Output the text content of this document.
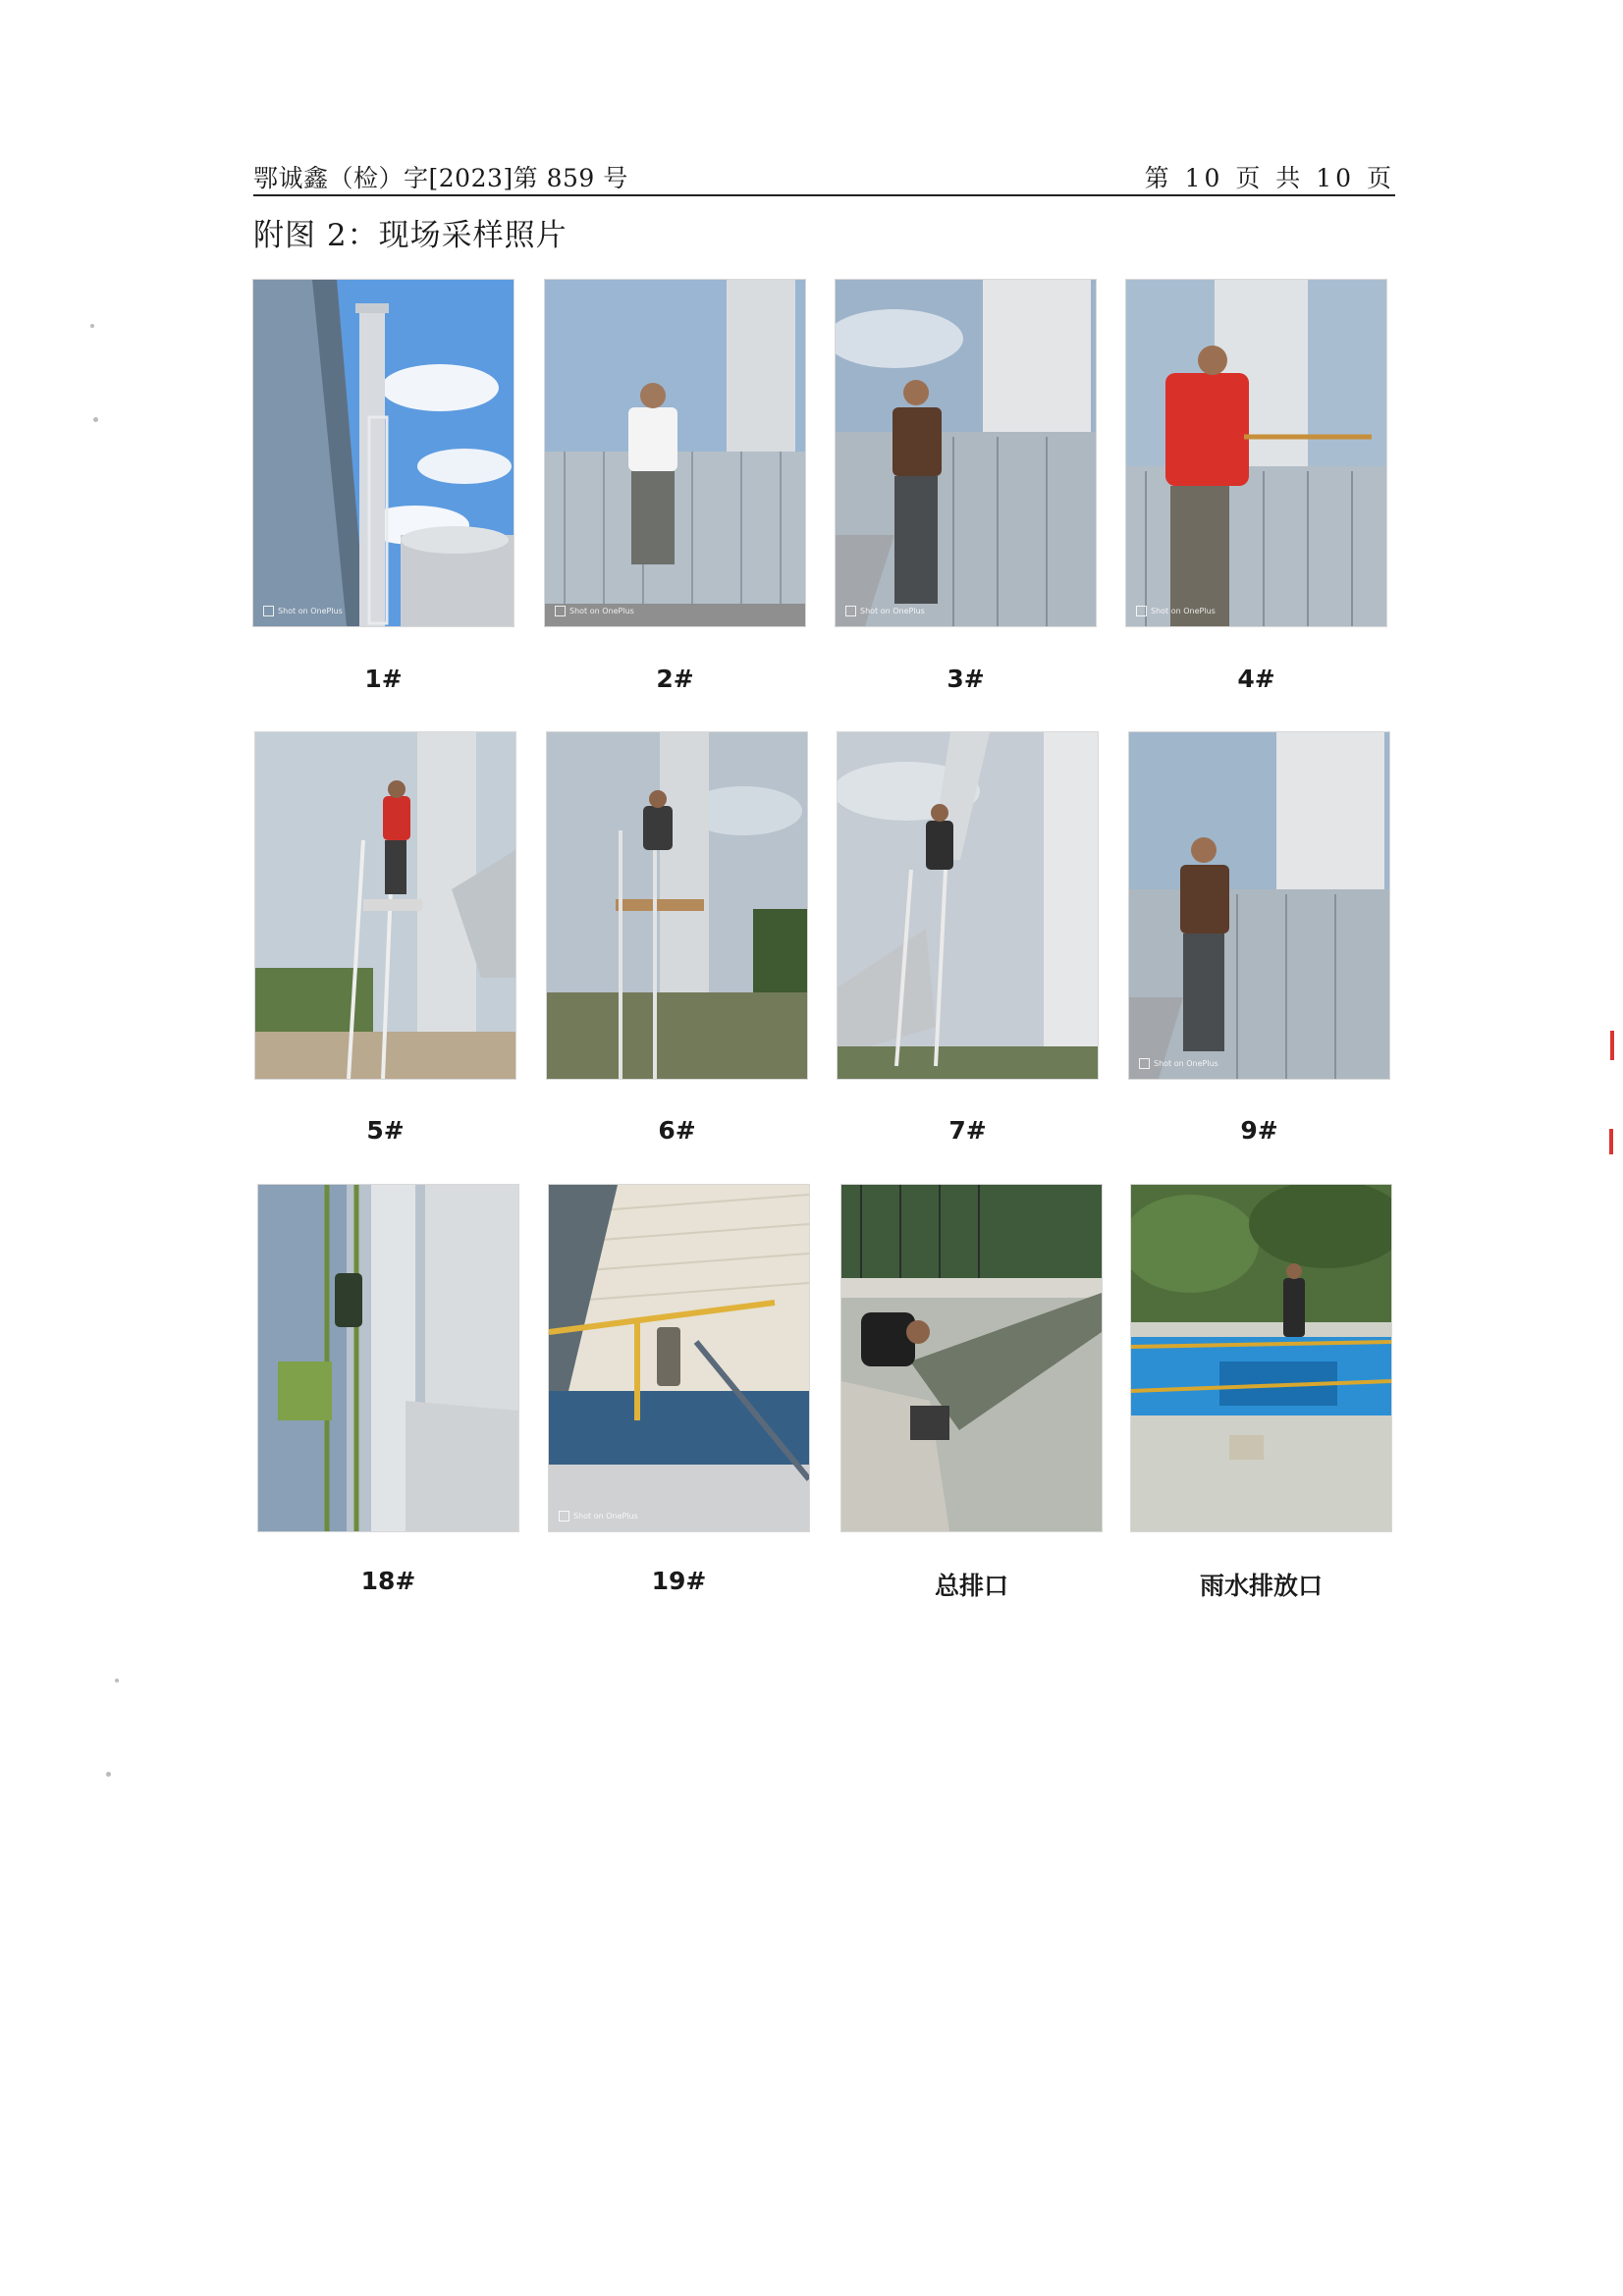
鄂诚鑫（检）字[2023]第 859 号	第 10 页 共 10 页
附图 2：现场采样照片
Shot on OnePlus
1#
Shot on OnePlus
2#
Shot on OnePlus
3#
Shot on OnePlus
4#
5#	6#	7#
Shot on OnePlus
9#
18#
Shot on OnePlus
19#	总排口	雨水排放口
